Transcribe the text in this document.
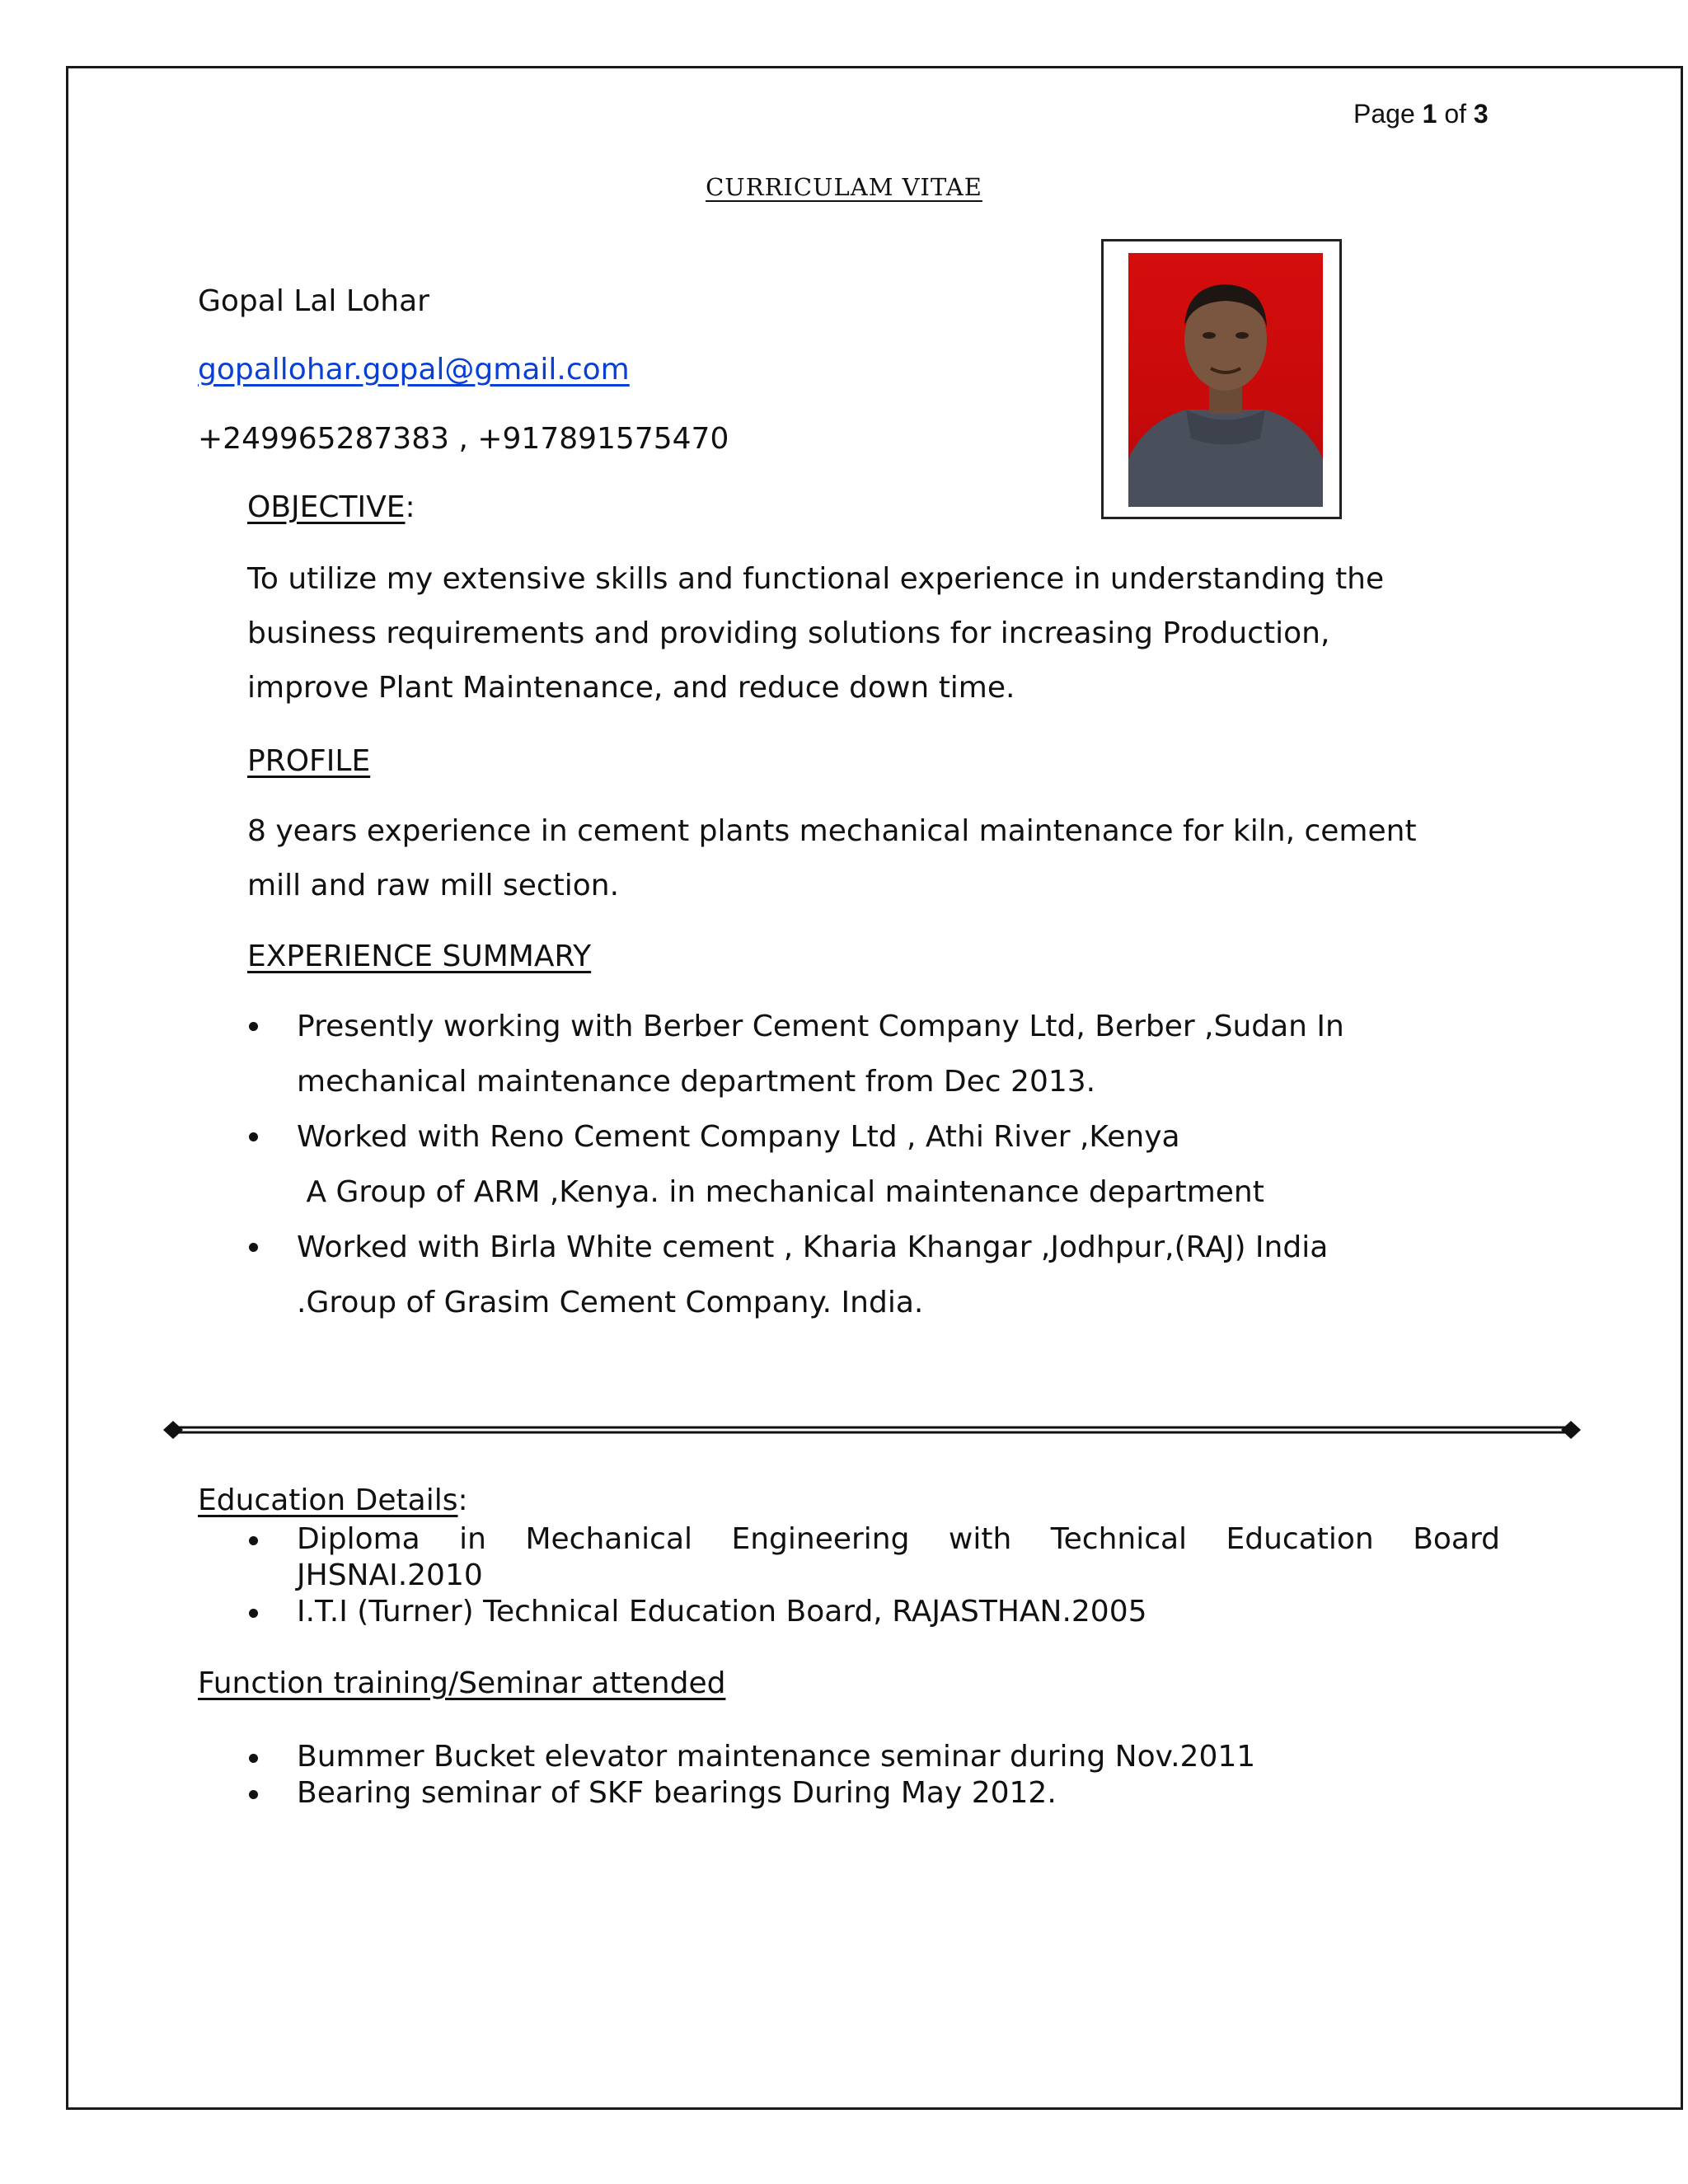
Page 1 of 3
CURRICULAM VITAE
Gopal Lal Lohar
gopallohar.gopal@gmail.com
+249965287383 , +917891575470
OBJECTIVE:
To utilize my extensive skills and functional experience in understanding the business requirements and providing solutions for increasing Production, improve Plant Maintenance, and reduce down time.
PROFILE
8 years experience in cement plants mechanical maintenance for kiln, cement mill and raw mill section.
EXPERIENCE SUMMARY
Presently working with Berber Cement Company Ltd, Berber ,Sudan In
mechanical maintenance department from Dec 2013.
Worked with Reno Cement Company Ltd , Athi River ,Kenya
A Group of ARM ,Kenya. in mechanical maintenance department
Worked with Birla White cement , Kharia Khangar ,Jodhpur,(RAJ) India
.Group of Grasim Cement Company. India.
Education Details:
Diploma in Mechanical Engineering with Technical Education Board
JHSNAI.2010
I.T.I (Turner) Technical Education Board, RAJASTHAN.2005
Function training/Seminar attended
Bummer Bucket elevator maintenance seminar during Nov.2011
Bearing seminar of SKF bearings During May 2012.
